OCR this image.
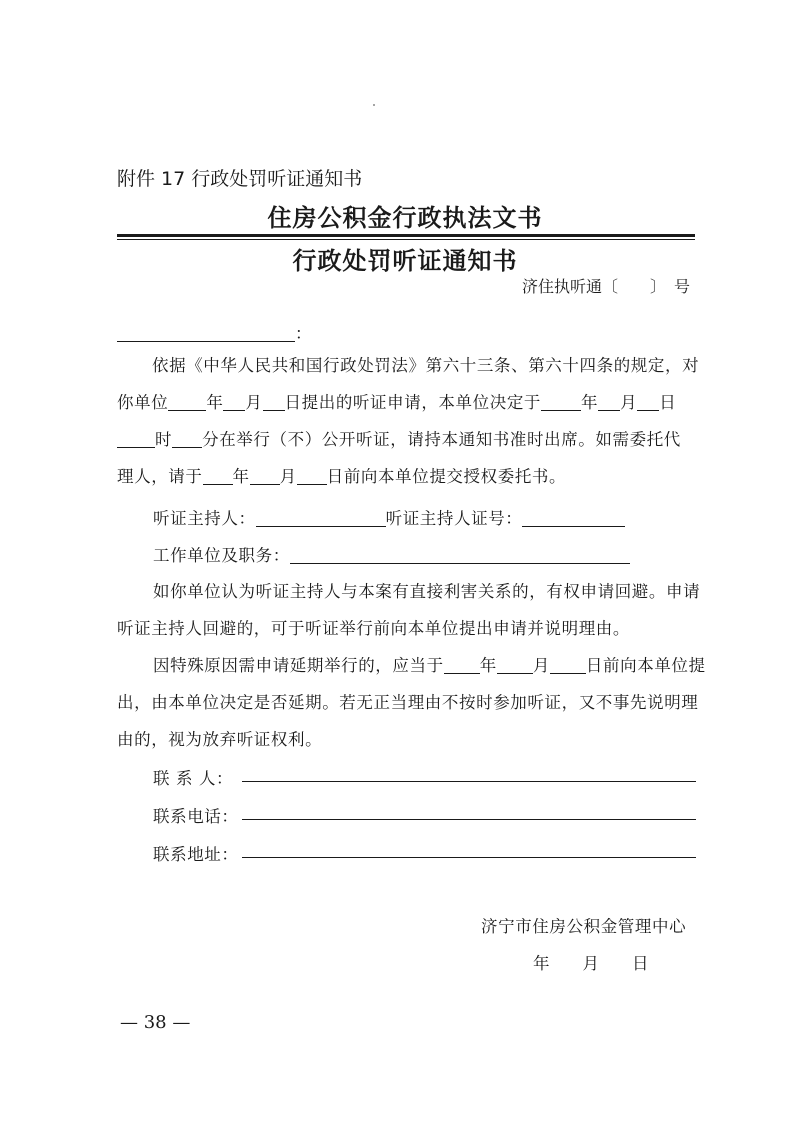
附件 17 行政处罚听证通知书
住房公积金行政执法文书
行政处罚听证通知书
济住执听通〔　　〕　号
：
依据《中华人民共和国行政处罚法》第六十三条、第六十四条的规定，对
你单位 年 月 日提出的听证申请，本单位决定于 年 月 日
时 分在举行（不）公开听证，请持本通知书准时出席。如需委托代
理人，请于 年 月 日前向本单位提交授权委托书。
听证主持人：	听证主持人证号：
工作单位及职务：
如你单位认为听证主持人与本案有直接利害关系的，有权申请回避。申请
听证主持人回避的，可于听证举行前向本单位提出申请并说明理由。
因特殊原因需申请延期举行的，应当于 年 月 日前向本单位提
出，由本单位决定是否延期。若无正当理由不按时参加听证，又不事先说明理
由的，视为放弃听证权利。
联 系 人：
联系电话：
联系地址：
济宁市住房公积金管理中心
年　　月　　日
— 38 —
